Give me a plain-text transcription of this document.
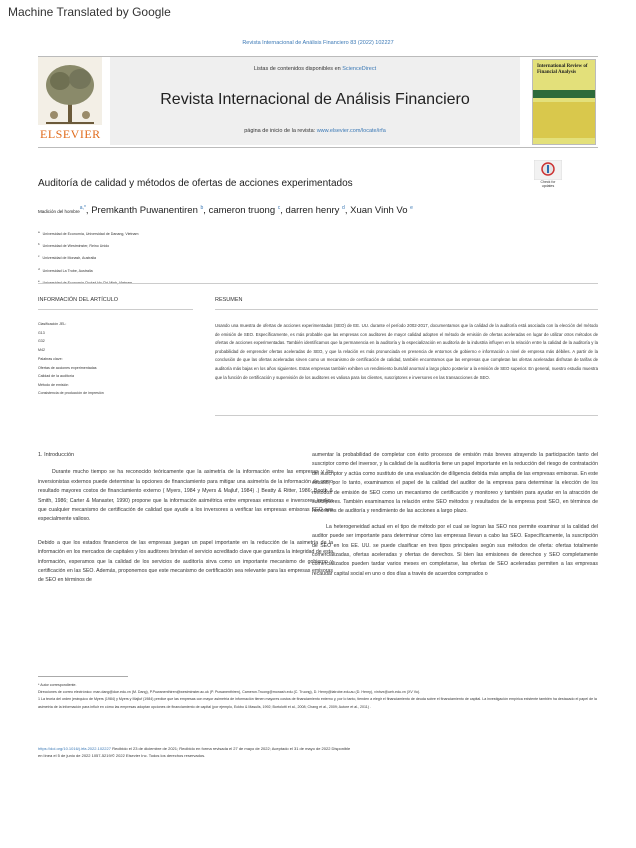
Machine Translated by Google
Revista Internacional de Análisis Financiero 83 (2022) 102227
ELSEVIER
Listas de contenidos disponibles en ScienceDirect
Revista Internacional de Análisis Financiero
página de inicio de la revista: www.elsevier.com/locate/irfa
International Review of Financial Analysis
Check for updates
Auditoría de calidad y métodos de ofertas de acciones experimentados
Madición del hombre$^{a,*}$, Premkanth Puwanentiren $^b$, cameron truong $^c$, darren henry $^d$, Xuan Vinh Vo $^e$
$^a$Universidad de Economía, Universidad de Danang, Vietnam
$^b$Universidad de Westminster, Reino Unido
$^c$Universidad de Monash, Australia
$^d$Universidad La Trobe, Australia
$^e$
INFORMACIÓN DEL ARTÍCULO	RESUMEN
Clasificación JEL:
G13
G32
M42
Palabras clave:
Ofertas de acciones experimentadas
Calidad de la auditoría
Método de emisión
Consistencia de producción de impresión
Usando una muestra de ofertas de acciones experimentadas (SEO) de EE. UU. durante el período 2002-2017, documentamos que la calidad de la auditoría está asociada con la elección del método de emisión de SEO. Específicamente, es más probable que las empresas con auditores de mayor calidad adopten el método de emisión de ofertas aceleradas en lugar de utilizar otros métodos de ofertas de acciones experimentadas. También identificamos que la permanencia en la auditoría y la especialización en auditoría de la industria influyen en la relación entre la calidad de la auditoría y la probabilidad de emprender ofertas aceleradas de SEO, y que la relación es más pronunciada en presencia de entornos de gobierno e información a nivel de empresa más débiles. A partir de la conclusión de que las ofertas aceleradas sirven como un mecanismo de certificación de calidad, también encontramos que las empresas que completan las ofertas aceleradas disfrutan de tarifas de auditoría más bajas en los años siguientes. Estas empresas también exhiben un rendimiento bursátil anormal a largo plazo posterior a la emisión de SEO superior. En general, nuestro estudio muestra que la función de certificación y supervisión de los auditores es valiosa para los clientes, suscriptores e inversores en las transacciones de SEO.
1. Introducción
Durante mucho tiempo se ha reconocido teóricamente que la asimetría de la información entre las empresas y los inversionistas externos puede determinar la opciones de financiamiento para mitigar una asimetría de la información de como resultado mayores costos de financiamiento externo ( Myers, 1984 y Myers & Majluf, 1984) .) Beatty & Ritter, 1986; Booth & Smith, 1986; Carter & Manaster, 1990) propone que la información asimétrica entre empresas emisoras e inversores implica que cualquier mecanismo de certificación de calidad que ayude a los inversores a verificar las empresas emisoras SEO sea especialmente valioso.
Debido a que los estados financieros de las empresas juegan un papel importante en la reducción de la asimetría de la información en los mercados de capitales y los auditores brindan el servicio acreditado clave que garantiza la integridad de esta información, esperamos que la calidad de los servicios de auditoría sirva como un importante mecanismo de gobierno y certificación en las SEO. Además, proponemos que este mecanismo de certificación sea relevante para las empresas emisoras de SEO en términos de
aumentar la probabilidad de completar con éxito procesos de emisión más breves atrayendo la participación tanto del suscriptor como del inversor, y la calidad de la auditoría tiene un papel importante en la reducción del riesgo de contratación del suscriptor y actúa como sustituto de una evaluación de diligencia debida más amplia de las empresas emisoras. En este estudio, por lo tanto, examinamos el papel de la calidad del auditor de la empresa para determinar la elección de los métodos de emisión de SEO como un mecanismo de certificación y monitoreo y también para ayudar en la atracción de suscriptores. También examinamos la relación entre SEO métodos y resultados de la empresa post SEO, en términos de honorarios de auditoría y rendimiento de las acciones a largo plazo.
La heterogeneidad actual en el tipo de método por el cual se logran las SEO nos permite examinar si la calidad del auditor puede ser importante para determinar cómo las empresas llevan a cabo las SEO. Específicamente, la suscripción de SEO en los EE. UU. se puede clasificar en tres tipos principales según sus métodos de oferta: ofertas totalmente comercializadas, ofertas aceleradas y ofertas de derechos. Si bien las emisiones de derechos y SEO completamente comercializados pueden tardar varios meses en completarse, las ofertas de SEO aceleradas permiten a las empresas recaudar capital social en uno o dos días a través de acuerdos comprados o
* Autor correspondiente.
Direcciones de correo electrónico: man.dang@due.edu.vn (M. Dang), P.Puwanenthiren@westminster.ac.uk (P. Puwanenthiren), Cameron.Truong@monash.edu (C. Truong), D. Henry@latrobe.edu.au (D. Henry), vinhvx@ueh.edu.vn (XV Vo).
1 La teoría del orden jerárquico de Myers (1984) y Myers y Majluf (1984) predice que las empresas con mayor asimetría de información tienen mayores costos de financiamiento externo y, por lo tanto, tienden a elegir el financiamiento de deuda sobre el financiamiento de capital. La investigación empírica existente también ha destacado el papel de la asimetría de la información para influir en cómo las empresas adoptan opciones de financiamiento de capital (por ejemplo, Eckbo & Masulis, 1992; Bortolotti et al., 2008; Chang et al., 2009; Autore et al., 2011) .
https://doi.org/10.1016/j.irfa.2022.102227 Recibido el 23 de diciembre de 2021; Recibido en forma revisada el 27 de mayo de 2022; Aceptado el 31 de mayo de 2022 Disponible
en línea el 5 de junio de 2022 1057-5219/© 2022 Elsevier Inc. Todos los derechos reservados.
